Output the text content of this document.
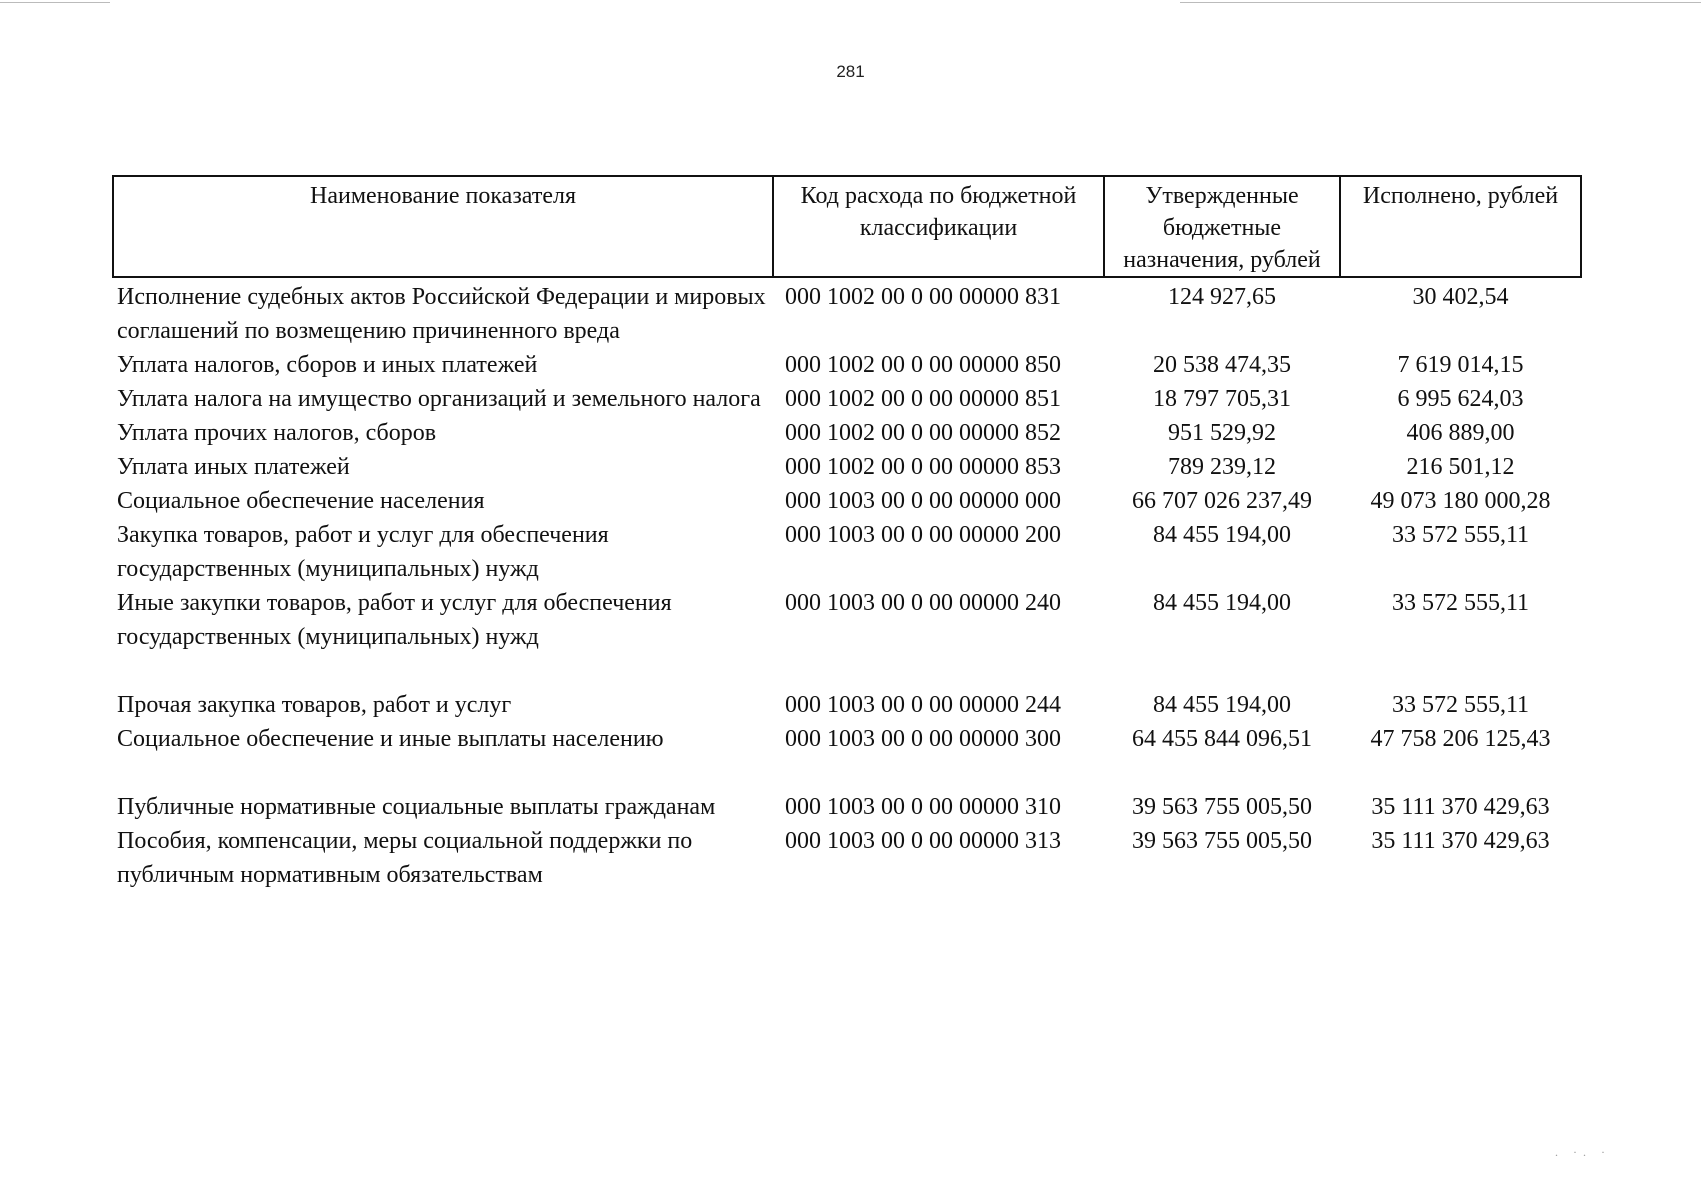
281
Наименование показателя	Код расхода по бюджетной классификации	Утвержденные бюджетные назначения, рублей	Исполнено, рублей
Исполнение судебных актов Российской Федерации и мировых соглашений по возмещению причиненного вреда	000 1002 00 0 00 00000 831	124 927,65	30 402,54
Уплата налогов, сборов и иных платежей	000 1002 00 0 00 00000 850	20 538 474,35	7 619 014,15
Уплата налога на имущество организаций и земельного налога	000 1002 00 0 00 00000 851	18 797 705,31	6 995 624,03
Уплата прочих налогов, сборов	000 1002 00 0 00 00000 852	951 529,92	406 889,00
Уплата иных платежей	000 1002 00 0 00 00000 853	789 239,12	216 501,12
Социальное обеспечение населения	000 1003 00 0 00 00000 000	66 707 026 237,49	49 073 180 000,28
Закупка товаров, работ и услуг для обеспечения государственных (муниципальных) нужд	000 1003 00 0 00 00000 200	84 455 194,00	33 572 555,11
Иные закупки товаров, работ и услуг для обеспечения государственных (муниципальных) нужд	000 1003 00 0 00 00000 240	84 455 194,00	33 572 555,11
Прочая закупка товаров, работ и услуг	000 1003 00 0 00 00000 244	84 455 194,00	33 572 555,11
Социальное обеспечение и иные выплаты населению	000 1003 00 0 00 00000 300	64 455 844 096,51	47 758 206 125,43
Публичные нормативные социальные выплаты гражданам	000 1003 00 0 00 00000 310	39 563 755 005,50	35 111 370 429,63
Пособия, компенсации, меры социальной поддержки по публичным нормативным обязательствам	000 1003 00 0 00 00000 313	39 563 755 005,50	35 111 370 429,63
. ·. ·
